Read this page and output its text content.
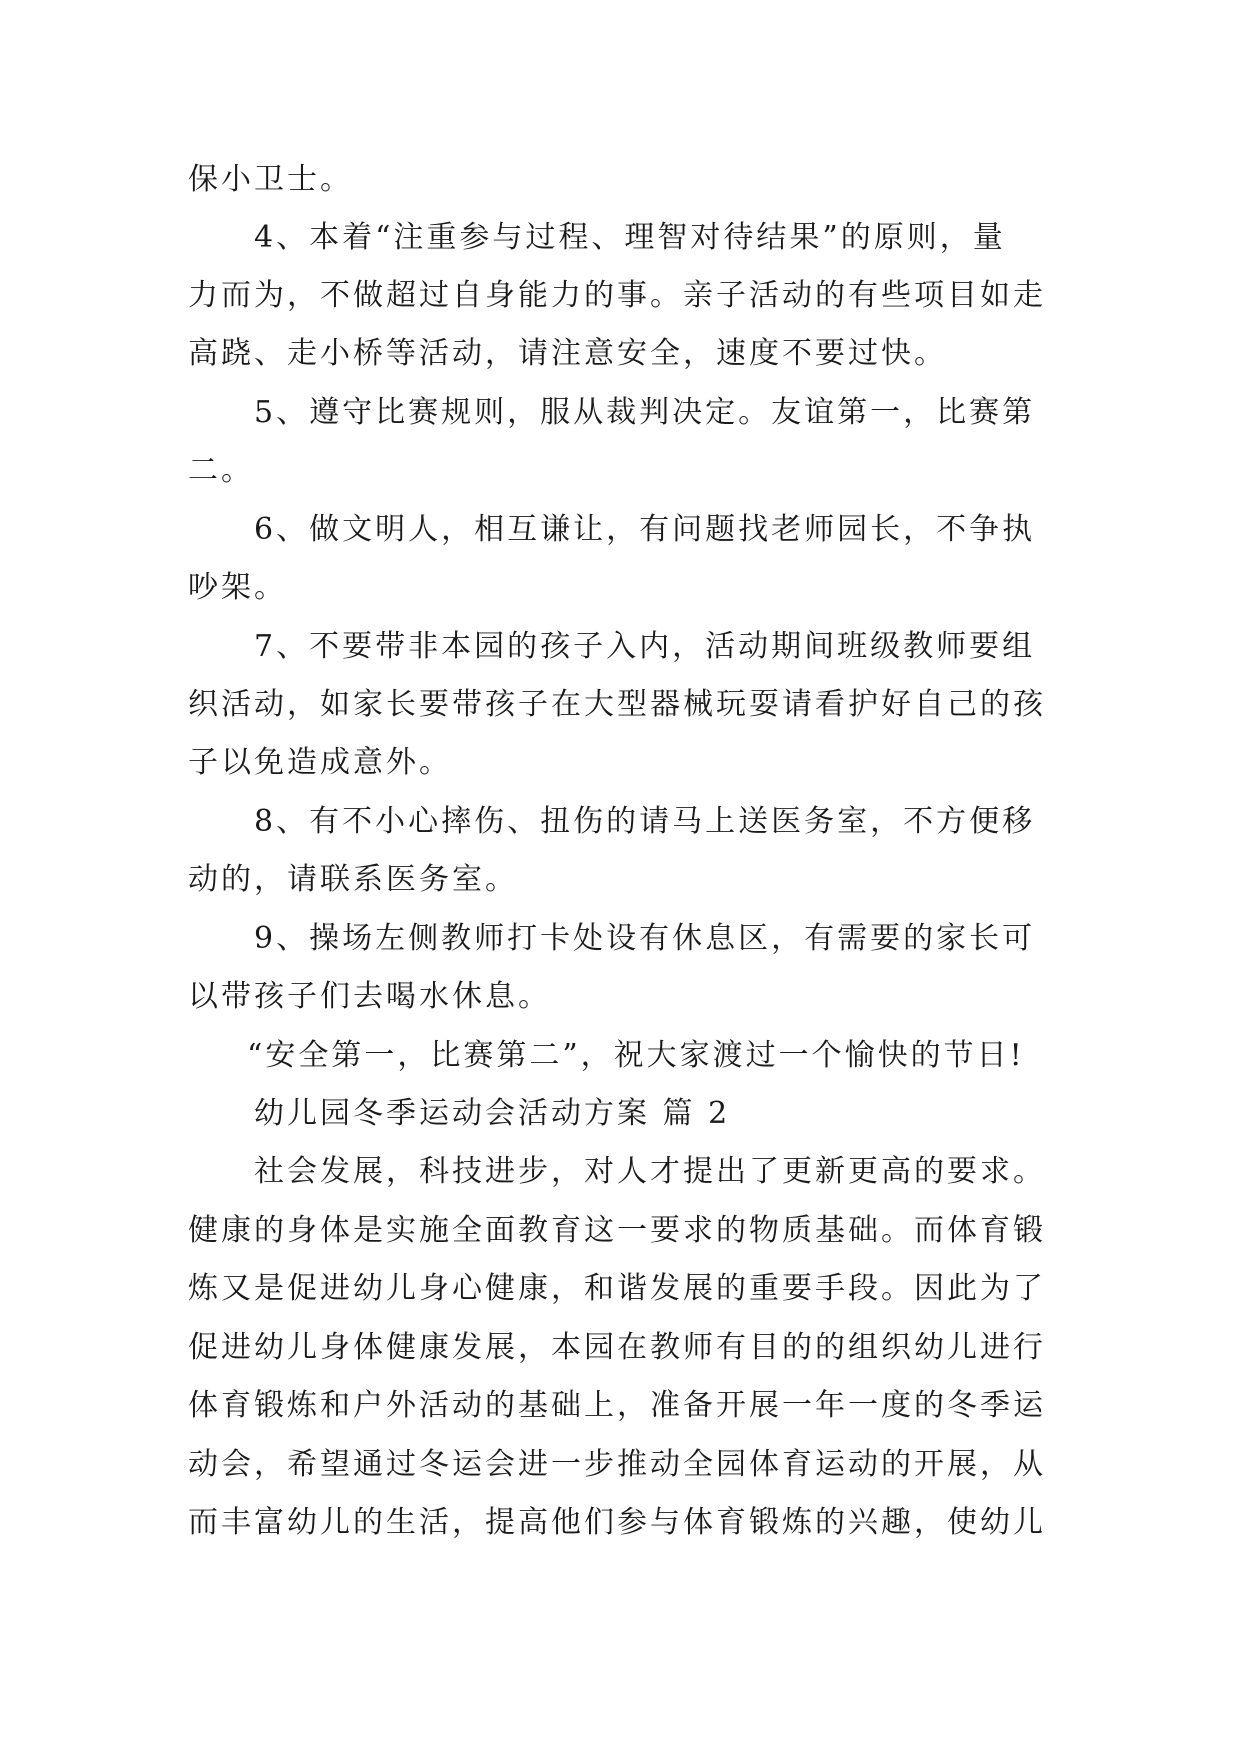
保小卫士。
4、本着“注重参与过程、理智对待结果”的原则，量
力而为，不做超过自身能力的事。亲子活动的有些项目如走
高跷、走小桥等活动，请注意安全，速度不要过快。
5、遵守比赛规则，服从裁判决定。友谊第一，比赛第
二。
6、做文明人，相互谦让，有问题找老师园长，不争执
吵架。
7、不要带非本园的孩子入内，活动期间班级教师要组
织活动，如家长要带孩子在大型器械玩耍请看护好自己的孩
子以免造成意外。
8、有不小心摔伤、扭伤的请马上送医务室，不方便移
动的，请联系医务室。
9、操场左侧教师打卡处设有休息区，有需要的家长可
以带孩子们去喝水休息。
“安全第一，比赛第二”，祝大家渡过一个愉快的节日!
幼儿园冬季运动会活动方案 篇 2
社会发展，科技进步，对人才提出了更新更高的要求。
健康的身体是实施全面教育这一要求的物质基础。而体育锻
炼又是促进幼儿身心健康，和谐发展的重要手段。因此为了
促进幼儿身体健康发展，本园在教师有目的的组织幼儿进行
体育锻炼和户外活动的基础上，准备开展一年一度的冬季运
动会，希望通过冬运会进一步推动全园体育运动的开展，从
而丰富幼儿的生活，提高他们参与体育锻炼的兴趣，使幼儿
